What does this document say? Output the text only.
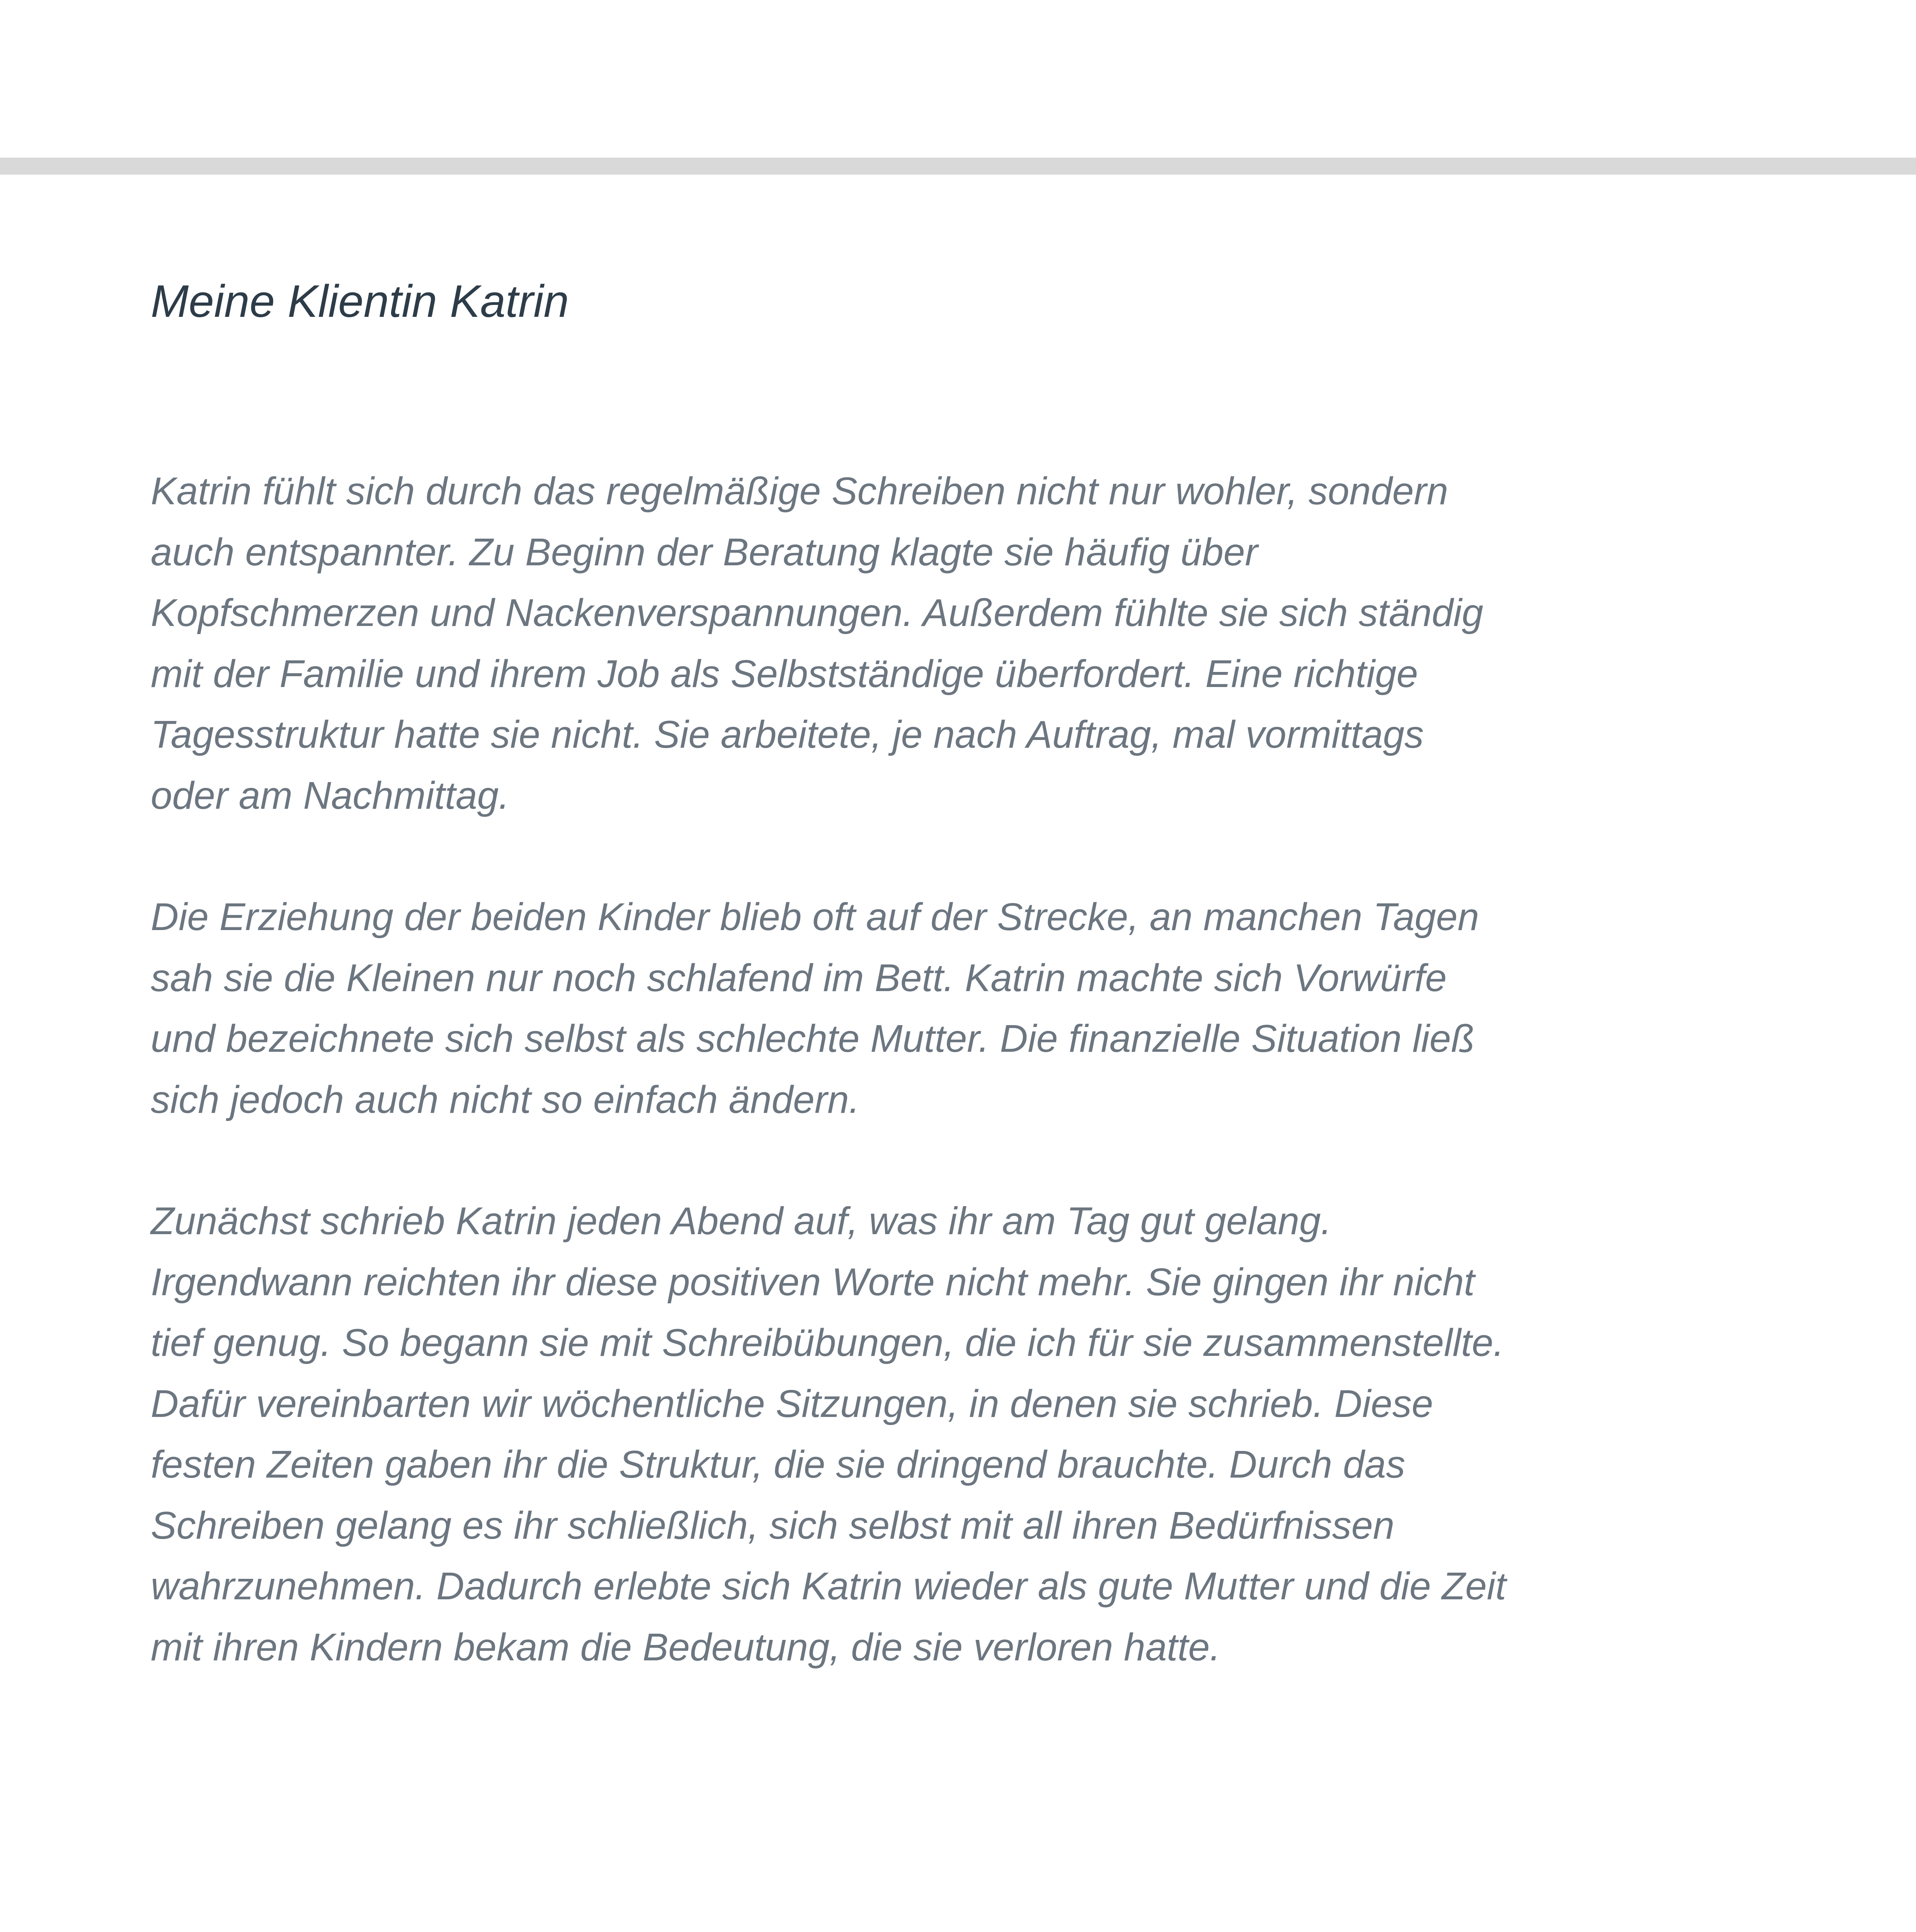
Meine Klientin Katrin

Katrin fühlt sich durch das regelmäßige Schreiben nicht nur wohler, sondern
auch entspannter. Zu Beginn der Beratung klagte sie häufig über
Kopfschmerzen und Nackenverspannungen. Außerdem fühlte sie sich ständig
mit der Familie und ihrem Job als Selbstständige überfordert. Eine richtige
Tagesstruktur hatte sie nicht. Sie arbeitete, je nach Auftrag, mal vormittags
oder am Nachmittag.

Die Erziehung der beiden Kinder blieb oft auf der Strecke, an manchen Tagen
sah sie die Kleinen nur noch schlafend im Bett. Katrin machte sich Vorwürfe
und bezeichnete sich selbst als schlechte Mutter. Die finanzielle Situation ließ
sich jedoch auch nicht so einfach ändern.

Zunächst schrieb Katrin jeden Abend auf, was ihr am Tag gut gelang.
Irgendwann reichten ihr diese positiven Worte nicht mehr. Sie gingen ihr nicht
tief genug. So begann sie mit Schreibübungen, die ich für sie zusammenstellte.
Dafür vereinbarten wir wöchentliche Sitzungen, in denen sie schrieb. Diese
festen Zeiten gaben ihr die Struktur, die sie dringend brauchte. Durch das
Schreiben gelang es ihr schließlich, sich selbst mit all ihren Bedürfnissen
wahrzunehmen. Dadurch erlebte sich Katrin wieder als gute Mutter und die Zeit
mit ihren Kindern bekam die Bedeutung, die sie verloren hatte.
